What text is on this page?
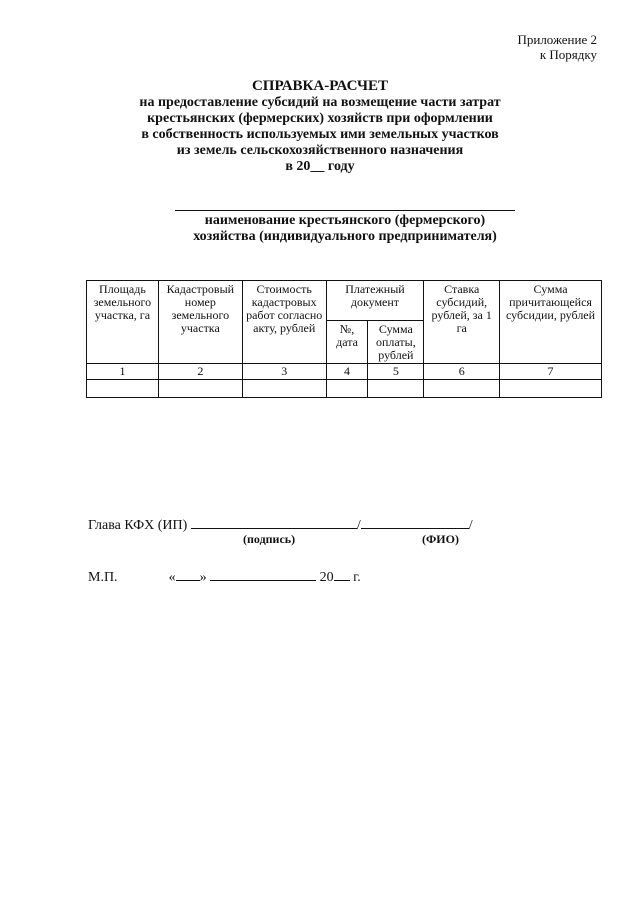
Приложение 2
к Порядку
СПРАВКА-РАСЧЕТ
на предоставление субсидий на возмещение части затрат
крестьянских (фермерских) хозяйств при оформлении
в собственность используемых ими земельных участков
из земель сельскохозяйственного назначения
в 20__ году
наименование крестьянского (фермерского)
хозяйства (индивидуального предпринимателя)
Площадь земельного участка, га	Кадастровый номер земельного участка	Стоимость кадастровых работ согласно акту, рублей	Платежный документ		Ставка субсидий, рублей, за 1 га	Сумма причитающейся субсидии, рублей
			№, дата	Сумма оплаты, рублей		
1	2	3	4	5	6	7

Глава КФХ (ИП)	/	/
(подпись)	(ФИО)
М.П.	« »	20 г.
